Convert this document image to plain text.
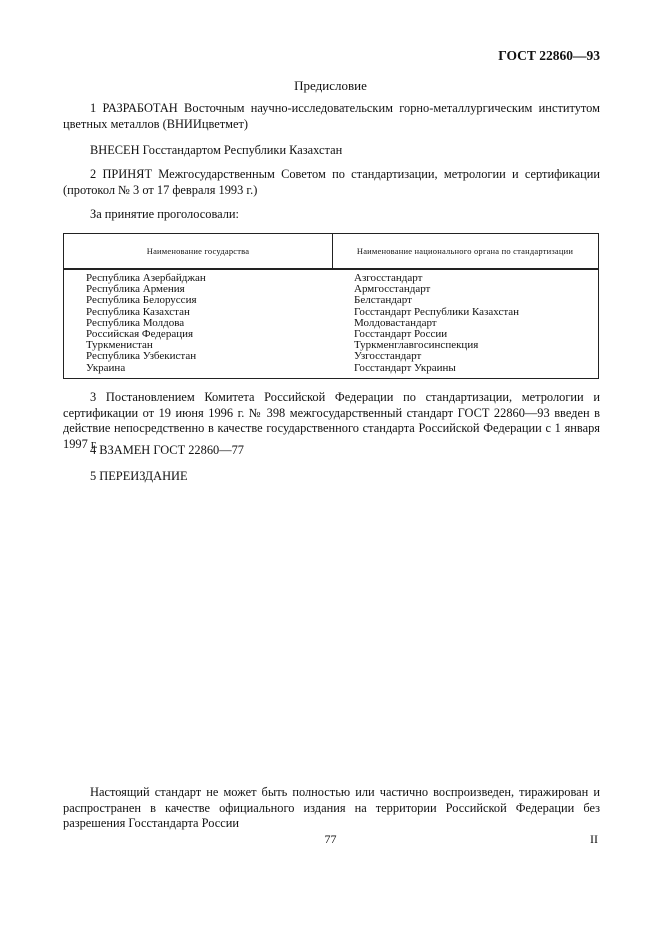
ГОСТ 22860—93
Предисловие
1 РАЗРАБОТАН Восточным научно-исследовательским горно-металлургическим институтом цветных металлов (ВНИИцветмет)
ВНЕСЕН Госстандартом Республики Казахстан
2 ПРИНЯТ Межгосударственным Советом по стандартизации, метрологии и сертификации (протокол № 3 от 17 февраля 1993 г.)
За принятие проголосовали:
Наименование государства	Наименование национального органа по стандартизации
Республика Азербайджан
Республика Армения
Республика Белоруссия
Республика Казахстан
Республика Молдова
Российская Федерация
Туркменистан
Республика Узбекистан
Украина
Азгосстандарт
Армгосстандарт
Белстандарт
Госстандарт Республики Казахстан
Молдовастандарт
Госстандарт России
Туркменглавгосинспекция
Узгосстандарт
Госстандарт Украины
3 Постановлением Комитета Российской Федерации по стандартизации, метрологии и сертификации от 19 июня 1996 г. № 398 межгосударственный стандарт ГОСТ 22860—93 введен в действие непосредственно в качестве государственного стандарта Российской Федерации с 1 января 1997 г.
4 ВЗАМЕН ГОСТ 22860—77
5 ПЕРЕИЗДАНИЕ
Настоящий стандарт не может быть полностью или частично воспроизведен, тиражирован и распространен в качестве официального издания на территории Российской Федерации без разрешения Госстандарта России
77	II
